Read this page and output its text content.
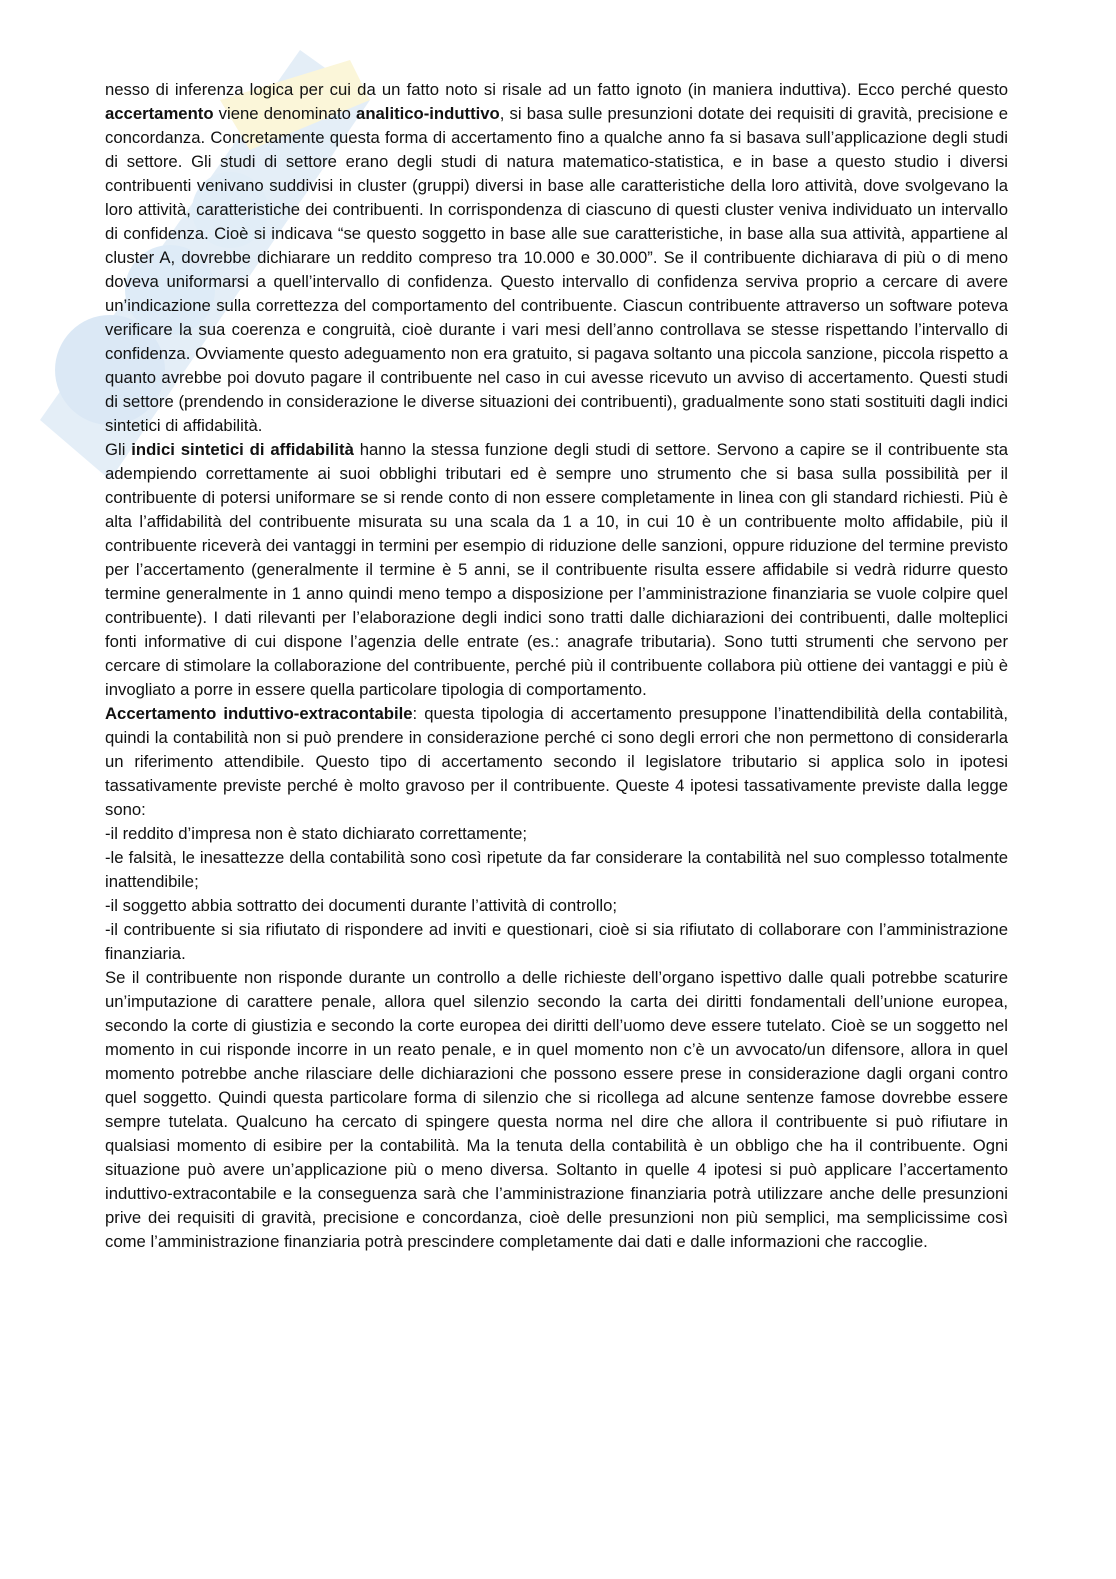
nesso di inferenza logica per cui da un fatto noto si risale ad un fatto ignoto (in maniera induttiva). Ecco perché questo accertamento viene denominato analitico-induttivo, si basa sulle presunzioni dotate dei requisiti di gravità, precisione e concordanza. Concretamente questa forma di accertamento fino a qualche anno fa si basava sull’applicazione degli studi di settore. Gli studi di settore erano degli studi di natura matematico-statistica, e in base a questo studio i diversi contribuenti venivano suddivisi in cluster (gruppi) diversi in base alle caratteristiche della loro attività, dove svolgevano la loro attività, caratteristiche dei contribuenti. In corrispondenza di ciascuno di questi cluster veniva individuato un intervallo di confidenza. Cioè si indicava “se questo soggetto in base alle sue caratteristiche, in base alla sua attività, appartiene al cluster A, dovrebbe dichiarare un reddito compreso tra 10.000 e 30.000”. Se il contribuente dichiarava di più o di meno doveva uniformarsi a quell’intervallo di confidenza. Questo intervallo di confidenza serviva proprio a cercare di avere un’indicazione sulla correttezza del comportamento del contribuente. Ciascun contribuente attraverso un software poteva verificare la sua coerenza e congruità, cioè durante i vari mesi dell’anno controllava se stesse rispettando l’intervallo di confidenza. Ovviamente questo adeguamento non era gratuito, si pagava soltanto una piccola sanzione, piccola rispetto a quanto avrebbe poi dovuto pagare il contribuente nel caso in cui avesse ricevuto un avviso di accertamento. Questi studi di settore (prendendo in considerazione le diverse situazioni dei contribuenti), gradualmente sono stati sostituiti dagli indici sintetici di affidabilità.

Gli indici sintetici di affidabilità hanno la stessa funzione degli studi di settore. Servono a capire se il contribuente sta adempiendo correttamente ai suoi obblighi tributari ed è sempre uno strumento che si basa sulla possibilità per il contribuente di potersi uniformare se si rende conto di non essere completamente in linea con gli standard richiesti. Più è alta l’affidabilità del contribuente misurata su una scala da 1 a 10, in cui 10 è un contribuente molto affidabile, più il contribuente riceverà dei vantaggi in termini per esempio di riduzione delle sanzioni, oppure riduzione del termine previsto per l’accertamento (generalmente il termine è 5 anni, se il contribuente risulta essere affidabile si vedrà ridurre questo termine generalmente in 1 anno quindi meno tempo a disposizione per l’amministrazione finanziaria se vuole colpire quel contribuente). I dati rilevanti per l’elaborazione degli indici sono tratti dalle dichiarazioni dei contribuenti, dalle molteplici fonti informative di cui dispone l’agenzia delle entrate (es.: anagrafe tributaria). Sono tutti strumenti che servono per cercare di stimolare la collaborazione del contribuente, perché più il contribuente collabora più ottiene dei vantaggi e più è invogliato a porre in essere quella particolare tipologia di comportamento.

Accertamento induttivo-extracontabile: questa tipologia di accertamento presuppone l’inattendibilità della contabilità, quindi la contabilità non si può prendere in considerazione perché ci sono degli errori che non permettono di considerarla un riferimento attendibile. Questo tipo di accertamento secondo il legislatore tributario si applica solo in ipotesi tassativamente previste perché è molto gravoso per il contribuente. Queste 4 ipotesi tassativamente previste dalla legge sono:

-il reddito d’impresa non è stato dichiarato correttamente;

-le falsità, le inesattezze della contabilità sono così ripetute da far considerare la contabilità nel suo complesso totalmente inattendibile;

-il soggetto abbia sottratto dei documenti durante l’attività di controllo;

-il contribuente si sia rifiutato di rispondere ad inviti e questionari, cioè si sia rifiutato di collaborare con l’amministrazione finanziaria.

Se il contribuente non risponde durante un controllo a delle richieste dell’organo ispettivo dalle quali potrebbe scaturire un’imputazione di carattere penale, allora quel silenzio secondo la carta dei diritti fondamentali dell’unione europea, secondo la corte di giustizia e secondo la corte europea dei diritti dell’uomo deve essere tutelato. Cioè se un soggetto nel momento in cui risponde incorre in un reato penale, e in quel momento non c’è un avvocato/un difensore, allora in quel momento potrebbe anche rilasciare delle dichiarazioni che possono essere prese in considerazione dagli organi contro quel soggetto. Quindi questa particolare forma di silenzio che si ricollega ad alcune sentenze famose dovrebbe essere sempre tutelata. Qualcuno ha cercato di spingere questa norma nel dire che allora il contribuente si può rifiutare in qualsiasi momento di esibire per la contabilità. Ma la tenuta della contabilità è un obbligo che ha il contribuente. Ogni situazione può avere un’applicazione più o meno diversa. Soltanto in quelle 4 ipotesi si può applicare l’accertamento induttivo-extracontabile e la conseguenza sarà che l’amministrazione finanziaria potrà utilizzare anche delle presunzioni prive dei requisiti di gravità, precisione e concordanza, cioè delle presunzioni non più semplici, ma semplicissime così come l’amministrazione finanziaria potrà prescindere completamente dai dati e dalle informazioni che raccoglie.
